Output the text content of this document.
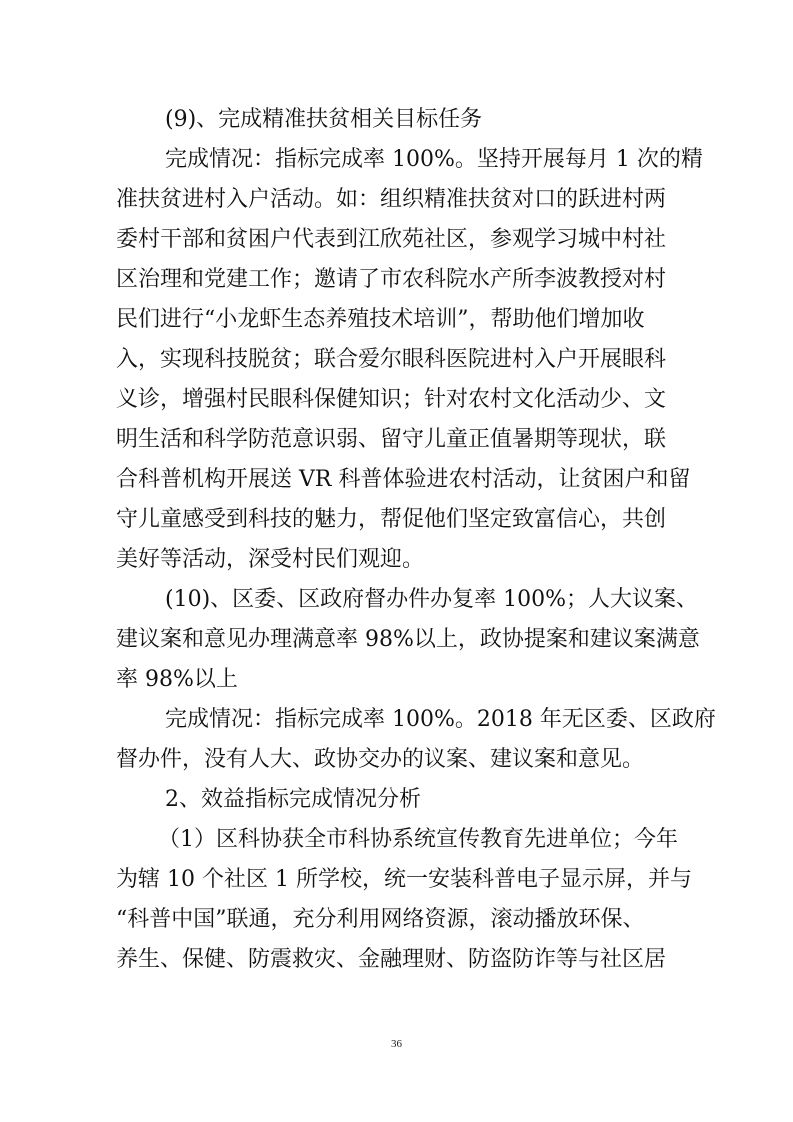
(9)、完成精准扶贫相关目标任务
完成情况：指标完成率 100%。坚持开展每月 1 次的精
准扶贫进村入户活动。如：组织精准扶贫对口的跃进村两
委村干部和贫困户代表到江欣苑社区，参观学习城中村社
区治理和党建工作；邀请了市农科院水产所李波教授对村
民们进行“小龙虾生态养殖技术培训”，帮助他们增加收
入，实现科技脱贫；联合爱尔眼科医院进村入户开展眼科
义诊，增强村民眼科保健知识；针对农村文化活动少、文
明生活和科学防范意识弱、留守儿童正值暑期等现状，联
合科普机构开展送 VR 科普体验进农村活动，让贫困户和留
守儿童感受到科技的魅力，帮促他们坚定致富信心，共创
美好等活动，深受村民们观迎。
(10)、区委、区政府督办件办复率 100%；人大议案、
建议案和意见办理满意率 98%以上，政协提案和建议案满意
率 98%以上
完成情况：指标完成率 100%。2018 年无区委、区政府
督办件，没有人大、政协交办的议案、建议案和意见。
2、效益指标完成情况分析
（1）区科协获全市科协系统宣传教育先进单位；今年
为辖 10 个社区 1 所学校，统一安装科普电子显示屏，并与
“科普中国”联通，充分利用网络资源，滚动播放环保、
养生、保健、防震救灾、金融理财、防盗防诈等与社区居
36
